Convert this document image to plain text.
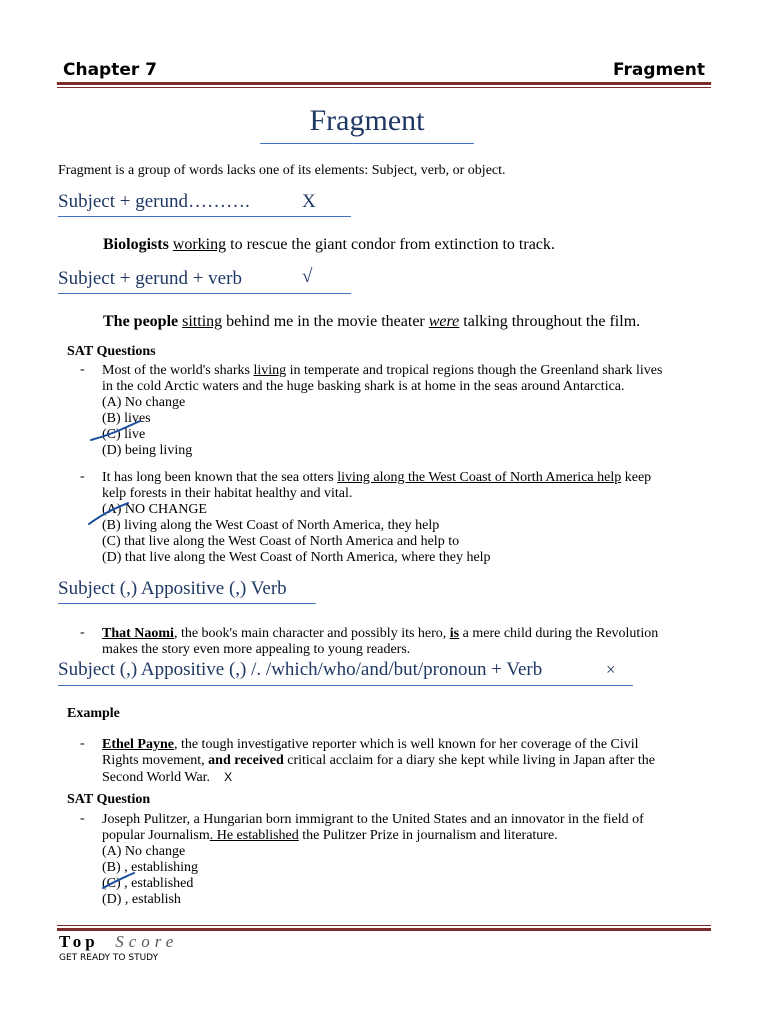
Chapter 7	Fragment
Fragment
Fragment is a group of words lacks one of its elements: Subject, verb, or object.
Subject + gerund……….	X
Biologists working to rescue the giant condor from extinction to track.
Subject + gerund + verb	√
The people sitting behind me in the movie theater were talking throughout the film.
SAT Questions
- Most of the world's sharks living in temperate and tropical regions though the Greenland shark lives
in the cold Arctic waters and the huge basking shark is at home in the seas around Antarctica.
(A) No change
(B) lives
(C) live
(D) being living
- It has long been known that the sea otters living along the West Coast of North America help keep
kelp forests in their habitat healthy and vital.
(A) NO CHANGE
(B) living along the West Coast of North America, they help
(C) that live along the West Coast of North America and help to
(D) that live along the West Coast of North America, where they help
Subject (,) Appositive (,) Verb
- That Naomi, the book's main character and possibly its hero, is a mere child during the Revolution
makes the story even more appealing to young readers.
Subject (,) Appositive (,) /. /which/who/and/but/pronoun + Verb	×
Example
- Ethel Payne, the tough investigative reporter which is well known for her coverage of the Civil
Rights movement, and received critical acclaim for a diary she kept while living in Japan after the
Second World War. X
SAT Question
- Joseph Pulitzer, a Hungarian born immigrant to the United States and an innovator in the field of
popular Journalism. He established the Pulitzer Prize in journalism and literature.
(A) No change
(B) , establishing
(C) , established
(D) , establish
Top Score
GET READY TO STUDY
